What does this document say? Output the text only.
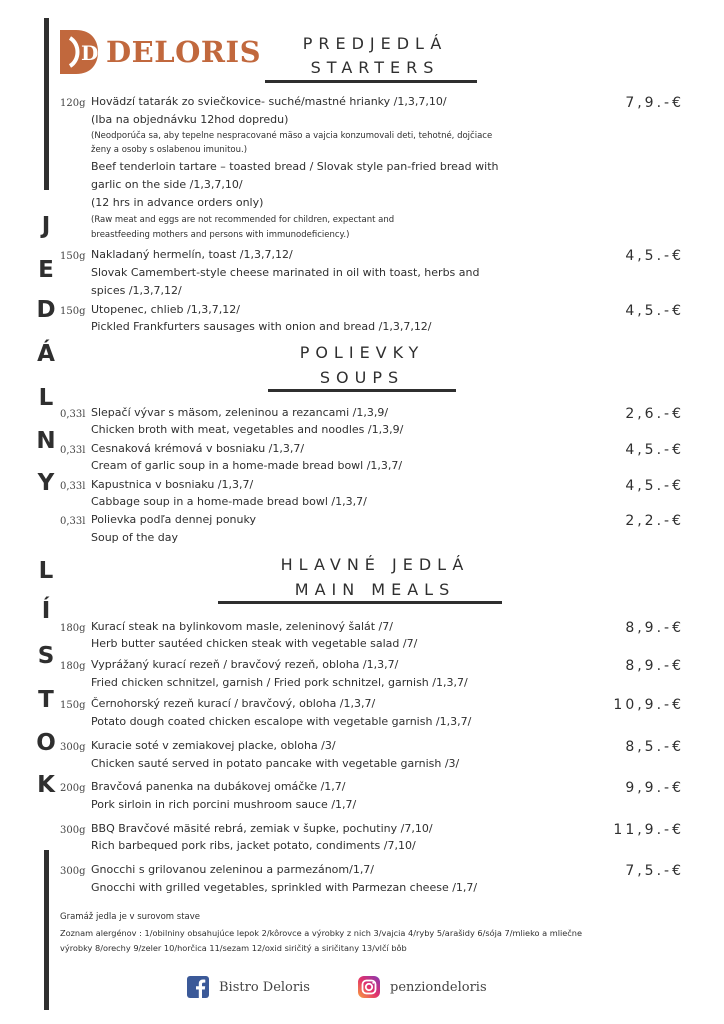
J
E
D
Á
L
N
Y
L
Í
S
T
O
K
D DELORIS	PREDJEDLÁ
STARTERS
120g Hovädzí tatarák zo sviečkovice- suché/mastné hrianky /1,3,7,10/
(Iba na objednávku 12hod dopredu)
(Neodporúča sa, aby tepelne nespracované mäso a vajcia konzumovali deti, tehotné, dojčiace
ženy a osoby s oslabenou imunitou.)
Beef tenderloin tartare – toasted bread / Slovak style pan-fried bread with
garlic on the side /1,3,7,10/
(12 hrs in advance orders only)
(Raw meat and eggs are not recommended for children, expectant and
breastfeeding mothers and persons with immunodeficiency.)
7,9.-€
150g Nakladaný hermelín, toast /1,3,7,12/
Slovak Camembert-style cheese marinated in oil with toast, herbs and
spices /1,3,7,12/
4,5.-€
150g Utopenec, chlieb /1,3,7,12/
Pickled Frankfurters sausages with onion and bread /1,3,7,12/
4,5.-€
POLIEVKY
SOUPS
0,33l Slepačí vývar s mäsom, zeleninou a rezancami /1,3,9/
Chicken broth with meat, vegetables and noodles /1,3,9/
2,6.-€
0,33l Cesnaková krémová v bosniaku /1,3,7/
Cream of garlic soup in a home-made bread bowl /1,3,7/
4,5.-€
0,33l Kapustnica v bosniaku /1,3,7/
Cabbage soup in a home-made bread bowl /1,3,7/
4,5.-€
0,33l Polievka podľa dennej ponuky
Soup of the day
2,2.-€
HLAVNÉ JEDLÁ
MAIN MEALS
180g Kurací steak na bylinkovom masle, zeleninový šalát /7/
Herb butter sautéed chicken steak with vegetable salad /7/
8,9.-€
180g Vyprážaný kurací rezeň / bravčový rezeň, obloha /1,3,7/
Fried chicken schnitzel, garnish / Fried pork schnitzel, garnish /1,3,7/
8,9.-€
150g Černohorský rezeň kurací / bravčový, obloha /1,3,7/
Potato dough coated chicken escalope with vegetable garnish /1,3,7/
10,9.-€
300g Kuracie soté v zemiakovej placke, obloha /3/
Chicken sauté served in potato pancake with vegetable garnish /3/
8,5.-€
200g Bravčová panenka na dubákovej omáčke /1,7/
Pork sirloin in rich porcini mushroom sauce /1,7/
9,9.-€
300g BBQ Bravčové mäsité rebrá, zemiak v šupke, pochutiny /7,10/
Rich barbequed pork ribs, jacket potato, condiments /7,10/
11,9.-€
300g Gnocchi s grilovanou zeleninou a parmezánom/1,7/
Gnocchi with grilled vegetables, sprinkled with Parmezan cheese /1,7/
7,5.-€
Gramáž jedla je v surovom stave
Zoznam alergénov : 1/obilniny obsahujúce lepok 2/kôrovce a výrobky z nich 3/vajcia 4/ryby 5/arašidy 6/sója 7/mlieko a mliečne
výrobky 8/orechy 9/zeler 10/horčica 11/sezam 12/oxid siričitý a siričitany 13/vlčí bôb
Bistro Deloris	penziondeloris
